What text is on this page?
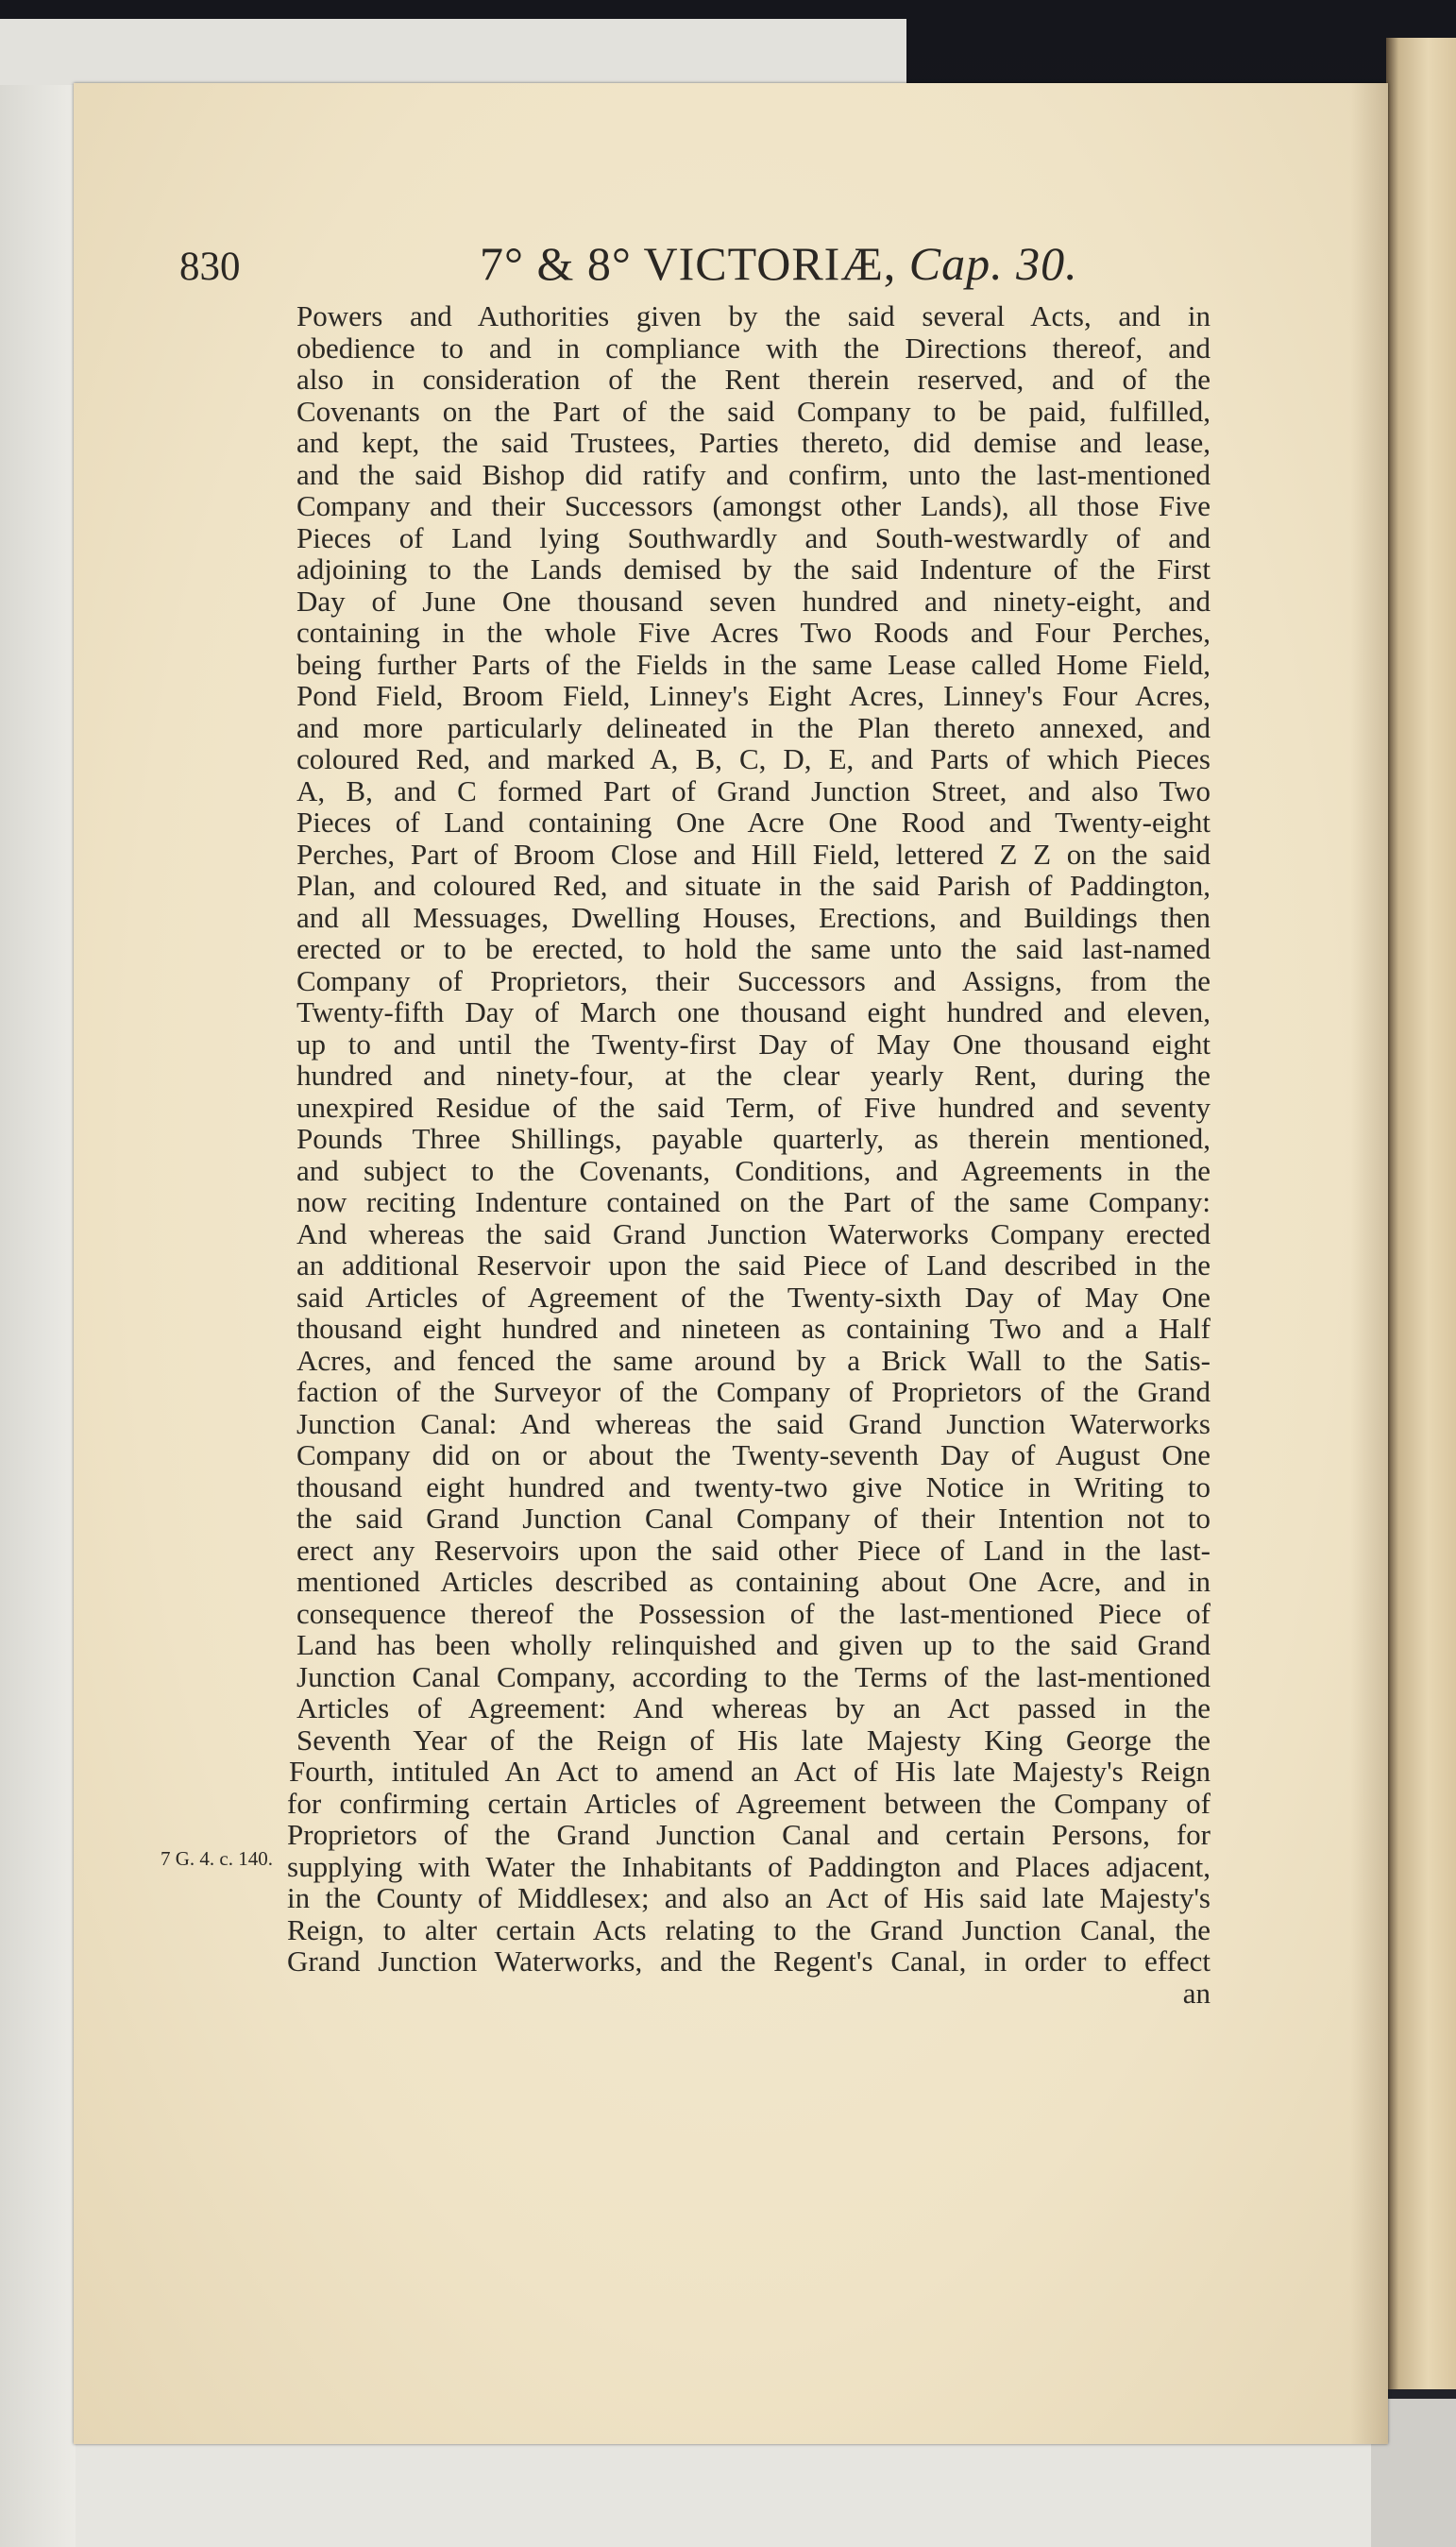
830	7° & 8° VICTORIÆ, Cap. 30.
7 G. 4. c. 140.
Powers and Authorities given by the said several Acts, and in
obedience to and in compliance with the Directions thereof, and
also in consideration of the Rent therein reserved, and of the
Covenants on the Part of the said Company to be paid, fulfilled,
and kept, the said Trustees, Parties thereto, did demise and lease,
and the said Bishop did ratify and confirm, unto the last-mentioned
Company and their Successors (amongst other Lands), all those Five
Pieces of Land lying Southwardly and South-westwardly of and
adjoining to the Lands demised by the said Indenture of the First
Day of June One thousand seven hundred and ninety-eight, and
containing in the whole Five Acres Two Roods and Four Perches,
being further Parts of the Fields in the same Lease called Home Field,
Pond Field, Broom Field, Linney's Eight Acres, Linney's Four Acres,
and more particularly delineated in the Plan thereto annexed, and
coloured Red, and marked A, B, C, D, E, and Parts of which Pieces
A, B, and C formed Part of Grand Junction Street, and also Two
Pieces of Land containing One Acre One Rood and Twenty-eight
Perches, Part of Broom Close and Hill Field, lettered Z Z on the said
Plan, and coloured Red, and situate in the said Parish of Paddington,
and all Messuages, Dwelling Houses, Erections, and Buildings then
erected or to be erected, to hold the same unto the said last-named
Company of Proprietors, their Successors and Assigns, from the
Twenty-fifth Day of March one thousand eight hundred and eleven,
up to and until the Twenty-first Day of May One thousand eight
hundred and ninety-four, at the clear yearly Rent, during the
unexpired Residue of the said Term, of Five hundred and seventy
Pounds Three Shillings, payable quarterly, as therein mentioned,
and subject to the Covenants, Conditions, and Agreements in the
now reciting Indenture contained on the Part of the same Company:
And whereas the said Grand Junction Waterworks Company erected
an additional Reservoir upon the said Piece of Land described in the
said Articles of Agreement of the Twenty-sixth Day of May One
thousand eight hundred and nineteen as containing Two and a Half
Acres, and fenced the same around by a Brick Wall to the Satis-
faction of the Surveyor of the Company of Proprietors of the Grand
Junction Canal: And whereas the said Grand Junction Waterworks
Company did on or about the Twenty-seventh Day of August One
thousand eight hundred and twenty-two give Notice in Writing to
the said Grand Junction Canal Company of their Intention not to
erect any Reservoirs upon the said other Piece of Land in the last-
mentioned Articles described as containing about One Acre, and in
consequence thereof the Possession of the last-mentioned Piece of
Land has been wholly relinquished and given up to the said Grand
Junction Canal Company, according to the Terms of the last-mentioned
Articles of Agreement: And whereas by an Act passed in the
Seventh Year of the Reign of His late Majesty King George the
Fourth, intituled An Act to amend an Act of His late Majesty's Reign
for confirming certain Articles of Agreement between the Company of
Proprietors of the Grand Junction Canal and certain Persons, for
supplying with Water the Inhabitants of Paddington and Places adjacent,
in the County of Middlesex; and also an Act of His said late Majesty's
Reign, to alter certain Acts relating to the Grand Junction Canal, the
Grand Junction Waterworks, and the Regent's Canal, in order to effect
an
